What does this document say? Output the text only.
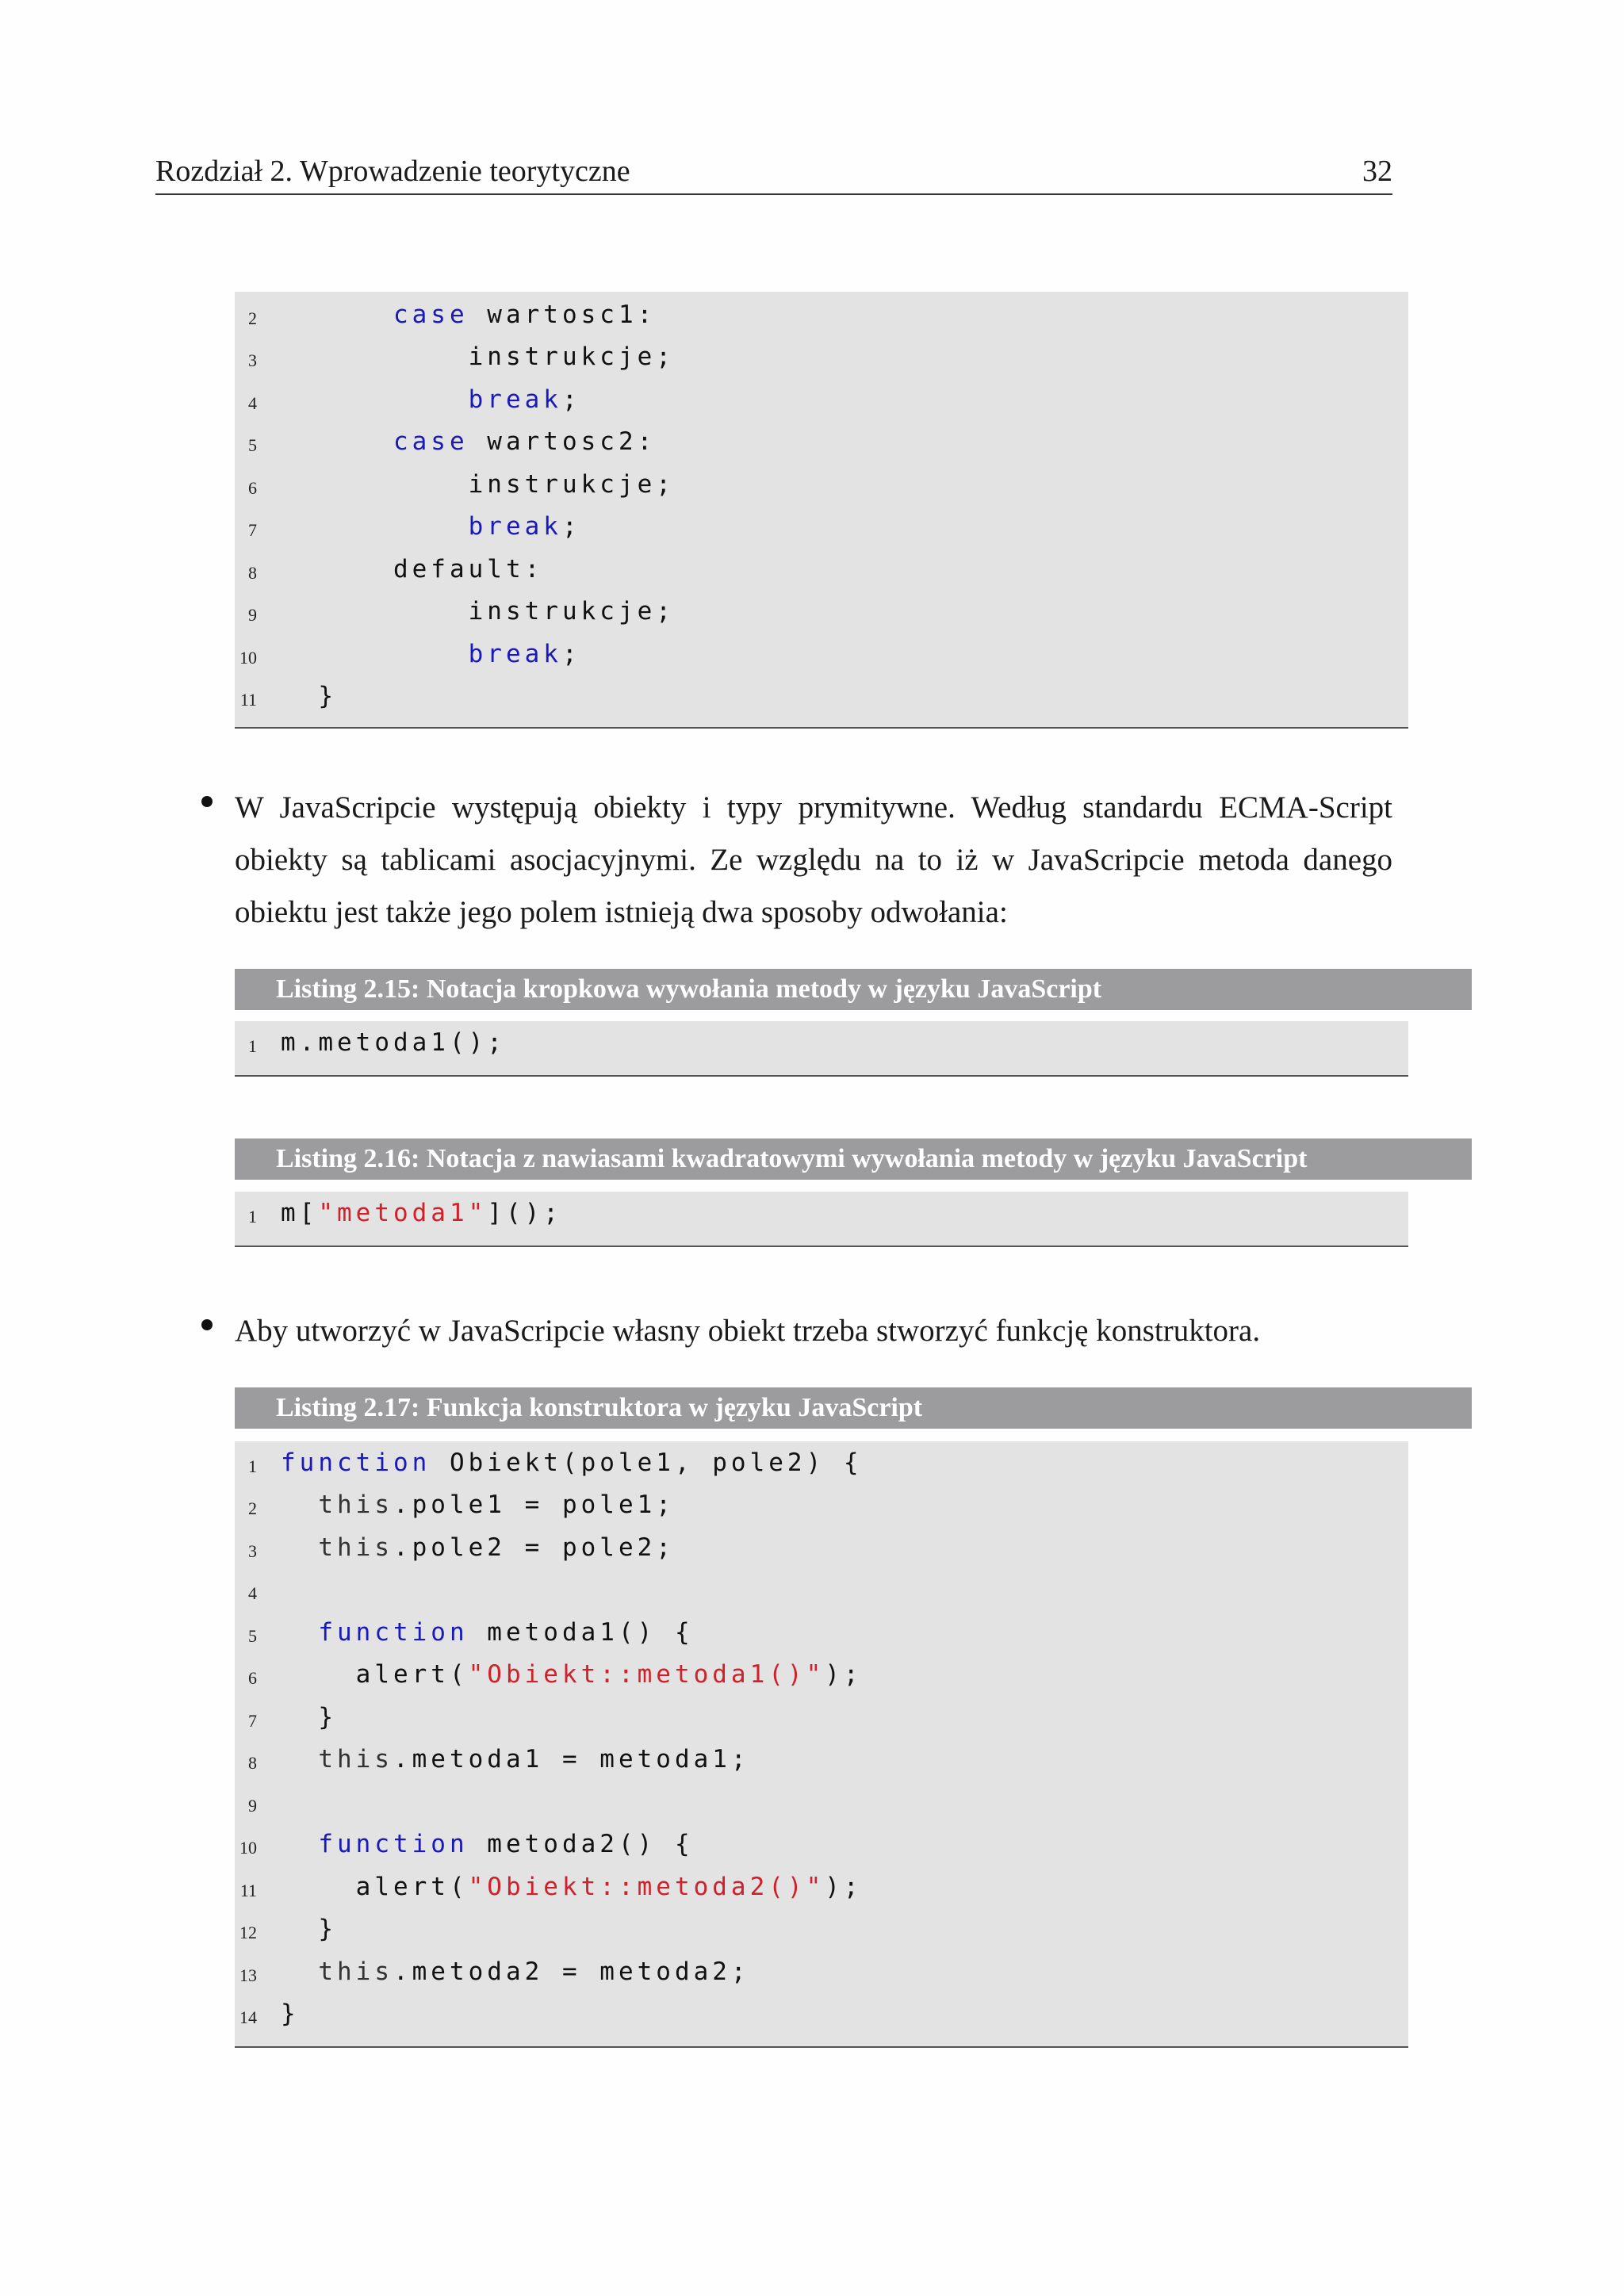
Rozdział 2. Wprowadzenie teorytyczne	32
2	case wartosc1:
3	instrukcje;
4	break;
5	case wartosc2:
6	instrukcje;
7	break;
8	default:
9	instrukcje;
10	break;
11	}
W JavaScripcie występują obiekty i typy prymitywne. Według standardu ECMA-Script obiekty są tablicami asocjacyjnymi. Ze względu na to iż w JavaScripcie metoda danego obiektu jest także jego polem istnieją dwa sposoby odwołania:
Listing 2.15: Notacja kropkowa wywołania metody w języku JavaScript
1 m.metoda1();
Listing 2.16: Notacja z nawiasami kwadratowymi wywołania metody w języku JavaScript
1 m["metoda1"]();
Aby utworzyć w JavaScripcie własny obiekt trzeba stworzyć funkcję konstruktora.
Listing 2.17: Funkcja konstruktora w języku JavaScript
1 function Obiekt(pole1, pole2) {
2	this.pole1 = pole1;
3	this.pole2 = pole2;
4
5	function metoda1() {
6	alert("Obiekt::metoda1()");
7	}
8	this.metoda1 = metoda1;
9
10	function metoda2() {
11	alert("Obiekt::metoda2()");
12	}
13	this.metoda2 = metoda2;
14 }
